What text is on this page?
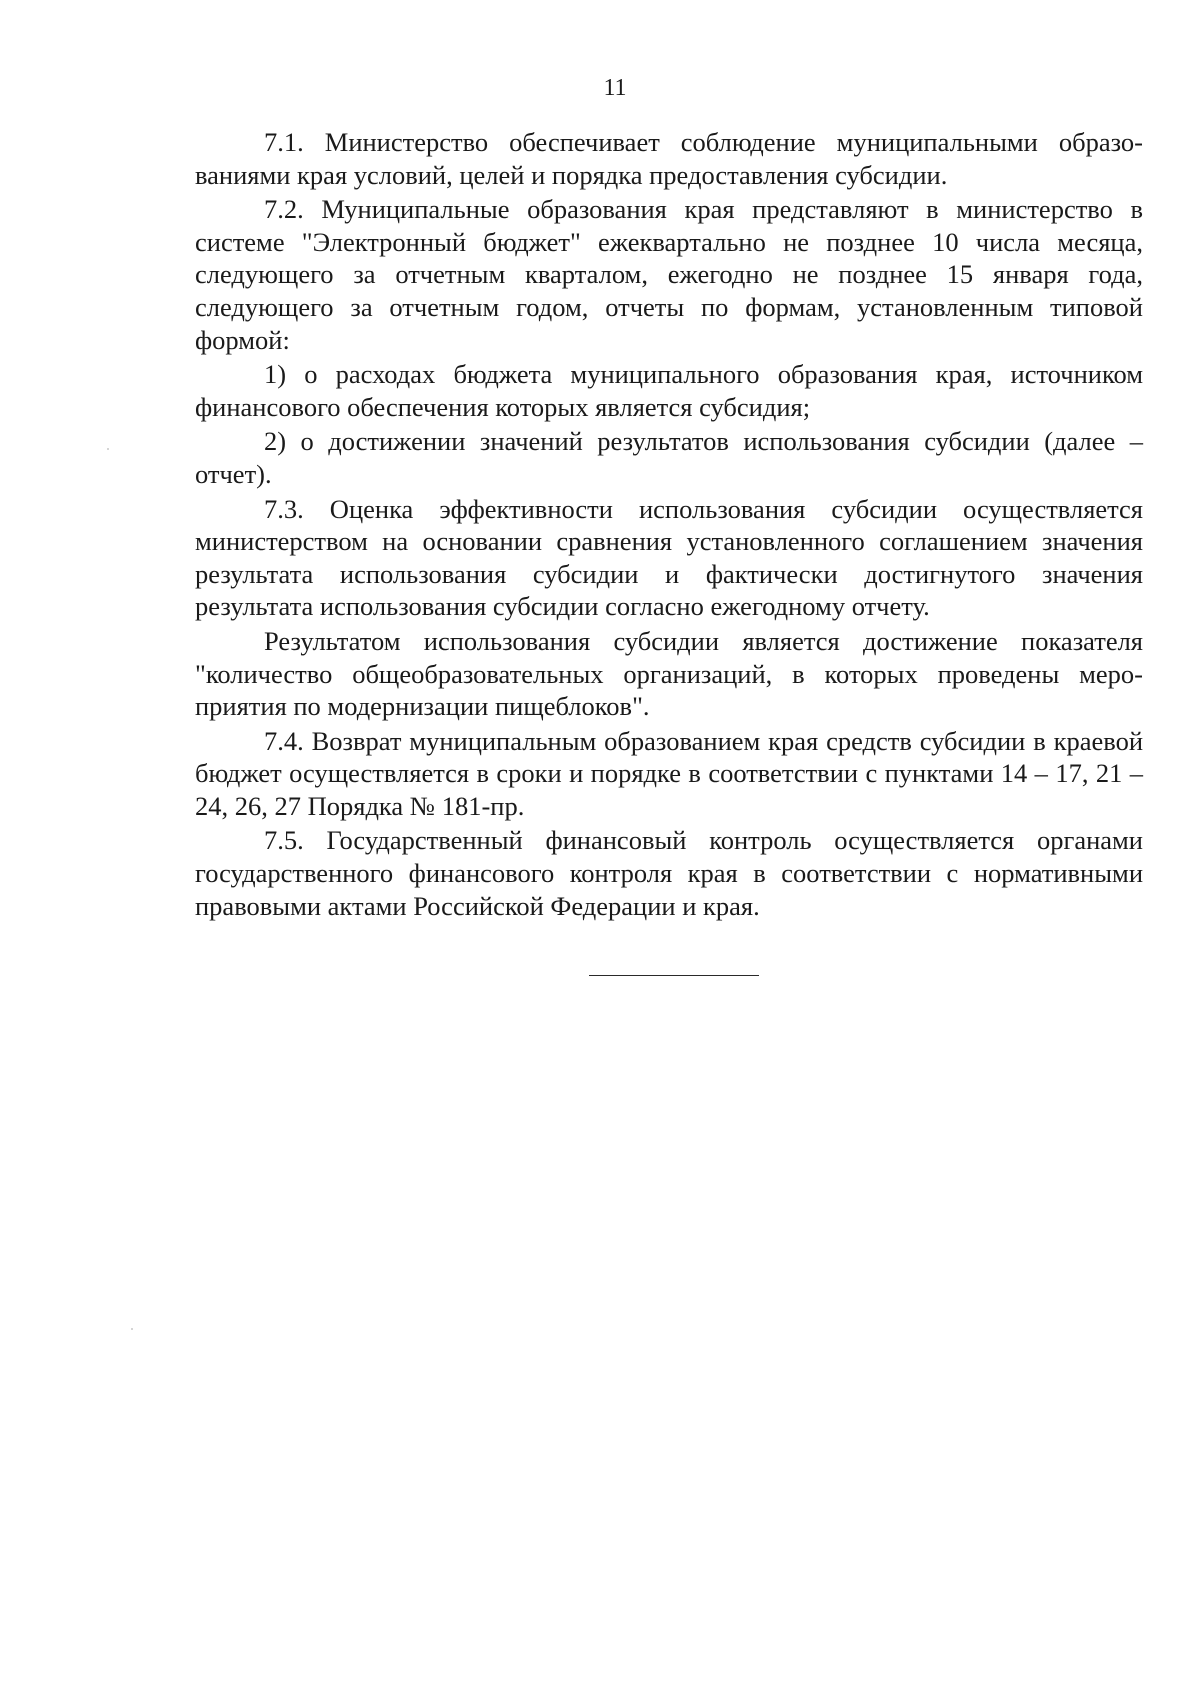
11

7.1. Министерство обеспечивает соблюдение муниципальными образованиями края условий, целей и порядка предоставления субсидии.

7.2. Муниципальные образования края представляют в министерство в системе "Электронный бюджет" ежеквартально не позднее 10 числа месяца, следующего за отчетным кварталом, ежегодно не позднее 15 января года, следующего за отчетным годом, отчеты по формам, установленным типовой формой:

1) о расходах бюджета муниципального образования края, источником финансового обеспечения которых является субсидия;

2) о достижении значений результатов использования субсидии (далее – отчет).

7.3. Оценка эффективности использования субсидии осуществляется министерством на основании сравнения установленного соглашением значения результата использования субсидии и фактически достигнутого значения результата использования субсидии согласно ежегодному отчету.

Результатом использования субсидии является достижение показателя "количество общеобразовательных организаций, в которых проведены мероприятия по модернизации пищеблоков".

7.4. Возврат муниципальным образованием края средств субсидии в краевой бюджет осуществляется в сроки и порядке в соответствии с пунктами 14 – 17, 21 – 24, 26, 27 Порядка № 181-пр.

7.5. Государственный финансовый контроль осуществляется органами государственного финансового контроля края в соответствии с нормативными правовыми актами Российской Федерации и края.
